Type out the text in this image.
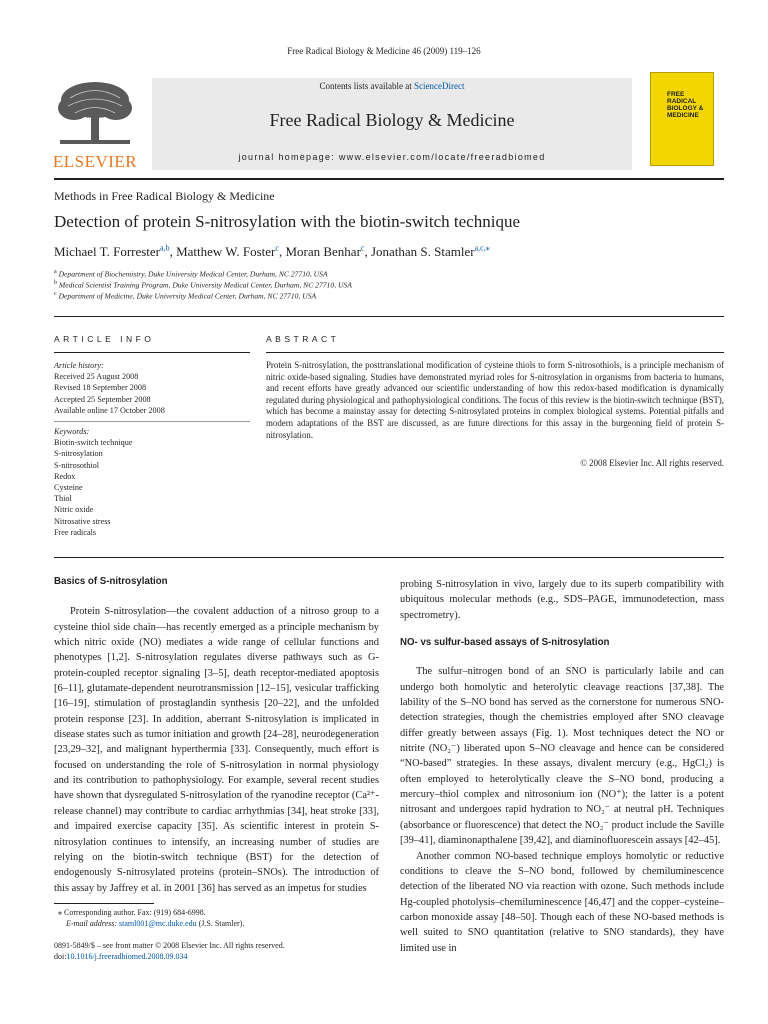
Free Radical Biology & Medicine 46 (2009) 119–126
ELSEVIER
Contents lists available at ScienceDirect
Free Radical Biology & Medicine
journal homepage: www.elsevier.com/locate/freeradbiomed
FREE
RADICAL
BIOLOGY &
MEDICINE
Methods in Free Radical Biology & Medicine
Detection of protein S-nitrosylation with the biotin-switch technique
Michael T. Forrester$^{a,b}$, Matthew W. Foster$^c$, Moran Benhar$^c$, Jonathan S. Stamler$^{a,c,⁎}$
$^a$ Department of Biochemistry, Duke University Medical Center, Durham, NC 27710, USA
$^b$ Medical Scientist Training Program, Duke University Medical Center, Durham, NC 27710, USA
$^c$ Department of Medicine, Duke University Medical Center, Durham, NC 27710, USA
ARTICLE INFO
Article history:
Received 25 August 2008
Revised 18 September 2008
Accepted 25 September 2008
Available online 17 October 2008
Keywords:
Biotin-switch technique
S-nitrosylation
S-nitrosothiol
Redox
Cysteine
Thiol
Nitric oxide
Nitrosative stress
Free radicals
ABSTRACT
Protein S-nitrosylation, the posttranslational modification of cysteine thiols to form S-nitrosothiols, is a principle mechanism of nitric oxide-based signaling. Studies have demonstrated myriad roles for S-nitrosylation in organisms from bacteria to humans, and recent efforts have greatly advanced our scientific understanding of how this redox-based modification is dynamically regulated during physiological and pathophysiological conditions. The focus of this review is the biotin-switch technique (BST), which has become a mainstay assay for detecting S-nitrosylated proteins in complex biological systems. Potential pitfalls and modern adaptations of the BST are discussed, as are future directions for this assay in the burgeoning field of protein S-nitrosylation.
© 2008 Elsevier Inc. All rights reserved.
Basics of S-nitrosylation

Protein S-nitrosylation—the covalent adduction of a nitroso group to a cysteine thiol side chain—has recently emerged as a principle mechanism by which nitric oxide (NO) mediates a wide range of cellular functions and phenotypes [1,2]. S-nitrosylation regulates diverse pathways such as G-protein-coupled receptor signaling [3–5], death receptor-mediated apoptosis [6–11], glutamate-dependent neurotransmission [12–15], vesicular trafficking [16–19], stimulation of prostaglandin synthesis [20–22], and the unfolded protein response [23]. In addition, aberrant S-nitrosylation is implicated in disease states such as tumor initiation and growth [24–28], neurodegeneration [23,29–32], and malignant hyperthermia [33]. Consequently, much effort is focused on understanding the role of S-nitrosylation in normal physiology and its contribution to pathophysiology. For example, several recent studies have shown that dysregulated S-nitrosylation of the ryanodine receptor (Ca²⁺-release channel) may contribute to cardiac arrhythmias [34], heat stroke [33], and impaired exercise capacity [35]. As scientific interest in protein S-nitrosylation continues to intensify, an increasing number of studies are relying on the biotin-switch technique (BST) for the detection of endogenously S-nitrosylated proteins (protein–SNOs). The introduction of this assay by Jaffrey et al. in 2001 [36] has served as an impetus for studies

⁎ Corresponding author. Fax: (919) 684-6998.
E-mail address: staml001@mc.duke.edu (J.S. Stamler).
0891-5849/$ – see front matter © 2008 Elsevier Inc. All rights reserved.
doi:10.1016/j.freeradbiomed.2008.09.034

probing S-nitrosylation in vivo, largely due to its superb compatibility with ubiquitous molecular methods (e.g., SDS–PAGE, immunodetection, mass spectrometry).

NO- vs sulfur-based assays of S-nitrosylation

The sulfur–nitrogen bond of an SNO is particularly labile and can undergo both homolytic and heterolytic cleavage reactions [37,38]. The lability of the S–NO bond has served as the cornerstone for numerous SNO-detection strategies, though the chemistries employed after SNO cleavage differ greatly between assays (Fig. 1). Most techniques detect the NO or nitrite (NO₂⁻) liberated upon S–NO cleavage and hence can be considered “NO-based” strategies. In these assays, divalent mercury (e.g., HgCl₂) is often employed to heterolytically cleave the S–NO bond, producing a mercury–thiol complex and nitrosonium ion (NO⁺); the latter is a potent nitrosant and undergoes rapid hydration to NO₂⁻ at neutral pH. Techniques (absorbance or fluorescence) that detect the NO₂⁻ product include the Saville [39–41], diaminonapthalene [39,42], and diaminofluorescein assays [42–45].

Another common NO-based technique employs homolytic or reductive conditions to cleave the S–NO bond, followed by chemiluminescence detection of the liberated NO via reaction with ozone. Such methods include Hg-coupled photolysis–chemiluminescence [46,47] and the copper–cysteine–carbon monoxide assay [48–50]. Though each of these NO-based methods is well suited to SNO quantitation (relative to SNO standards), they have limited use in
